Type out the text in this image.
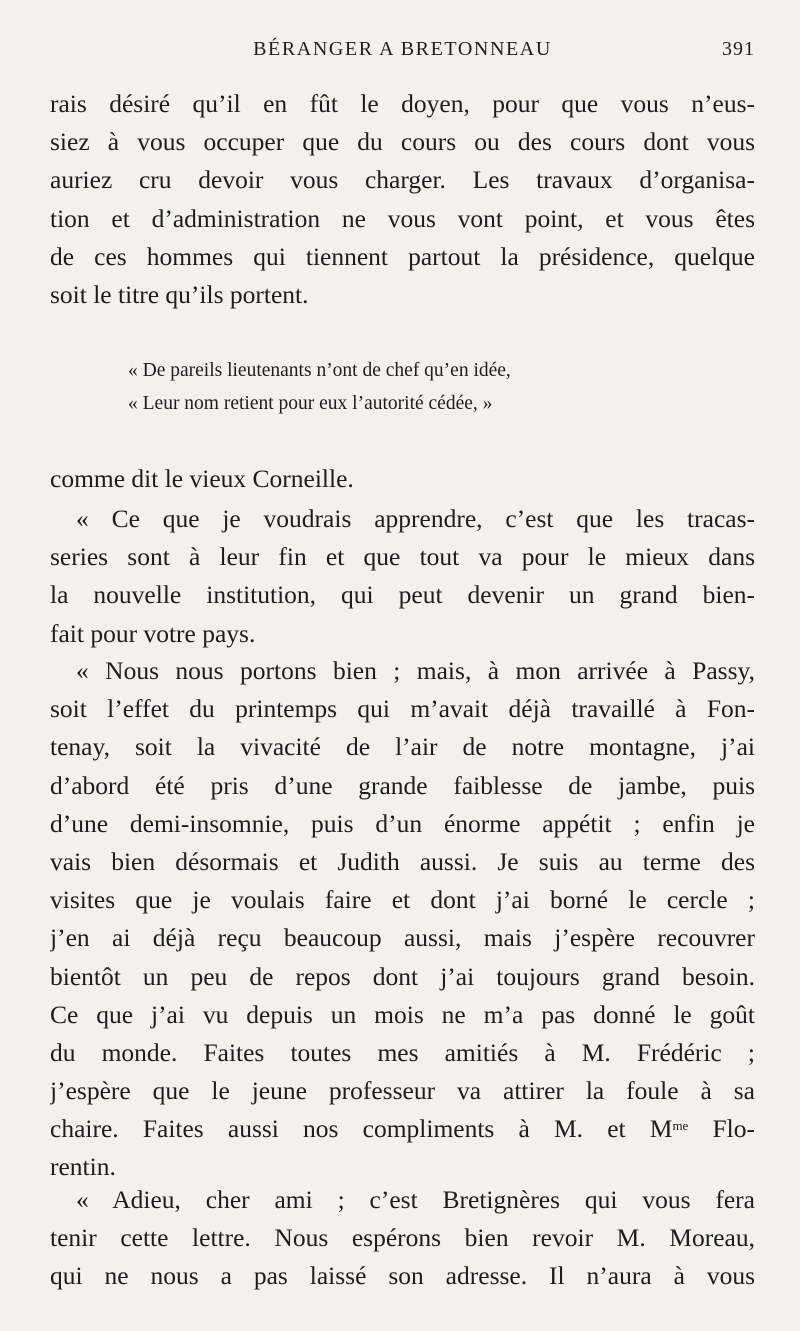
BÉRANGER A BRETONNEAU	391
rais désiré qu’il en fût le doyen, pour que vous n’eus-
siez à vous occuper que du cours ou des cours dont vous
auriez cru devoir vous charger. Les travaux d’organisa-
tion et d’administration ne vous vont point, et vous êtes
de ces hommes qui tiennent partout la présidence, quelque
soit le titre qu’ils portent.
« De pareils lieutenants n’ont de chef qu’en idée,
« Leur nom retient pour eux l’autorité cédée, »
comme dit le vieux Corneille.
« Ce que je voudrais apprendre, c’est que les tracas-
series sont à leur fin et que tout va pour le mieux dans
la nouvelle institution, qui peut devenir un grand bien-
fait pour votre pays.
« Nous nous portons bien ; mais, à mon arrivée à Passy,
soit l’effet du printemps qui m’avait déjà travaillé à Fon-
tenay, soit la vivacité de l’air de notre montagne, j’ai
d’abord été pris d’une grande faiblesse de jambe, puis
d’une demi-insomnie, puis d’un énorme appétit ; enfin je
vais bien désormais et Judith aussi. Je suis au terme des
visites que je voulais faire et dont j’ai borné le cercle ;
j’en ai déjà reçu beaucoup aussi, mais j’espère recouvrer
bientôt un peu de repos dont j’ai toujours grand besoin.
Ce que j’ai vu depuis un mois ne m’a pas donné le goût
du monde. Faites toutes mes amitiés à M. Frédéric ;
j’espère que le jeune professeur va attirer la foule à sa
chaire. Faites aussi nos compliments à M. et $M^{me}$ Flo-
rentin.
« Adieu, cher ami ; c’est Bretignères qui vous fera
tenir cette lettre. Nous espérons bien revoir M. Moreau,
qui ne nous a pas laissé son adresse. Il n’aura à vous
